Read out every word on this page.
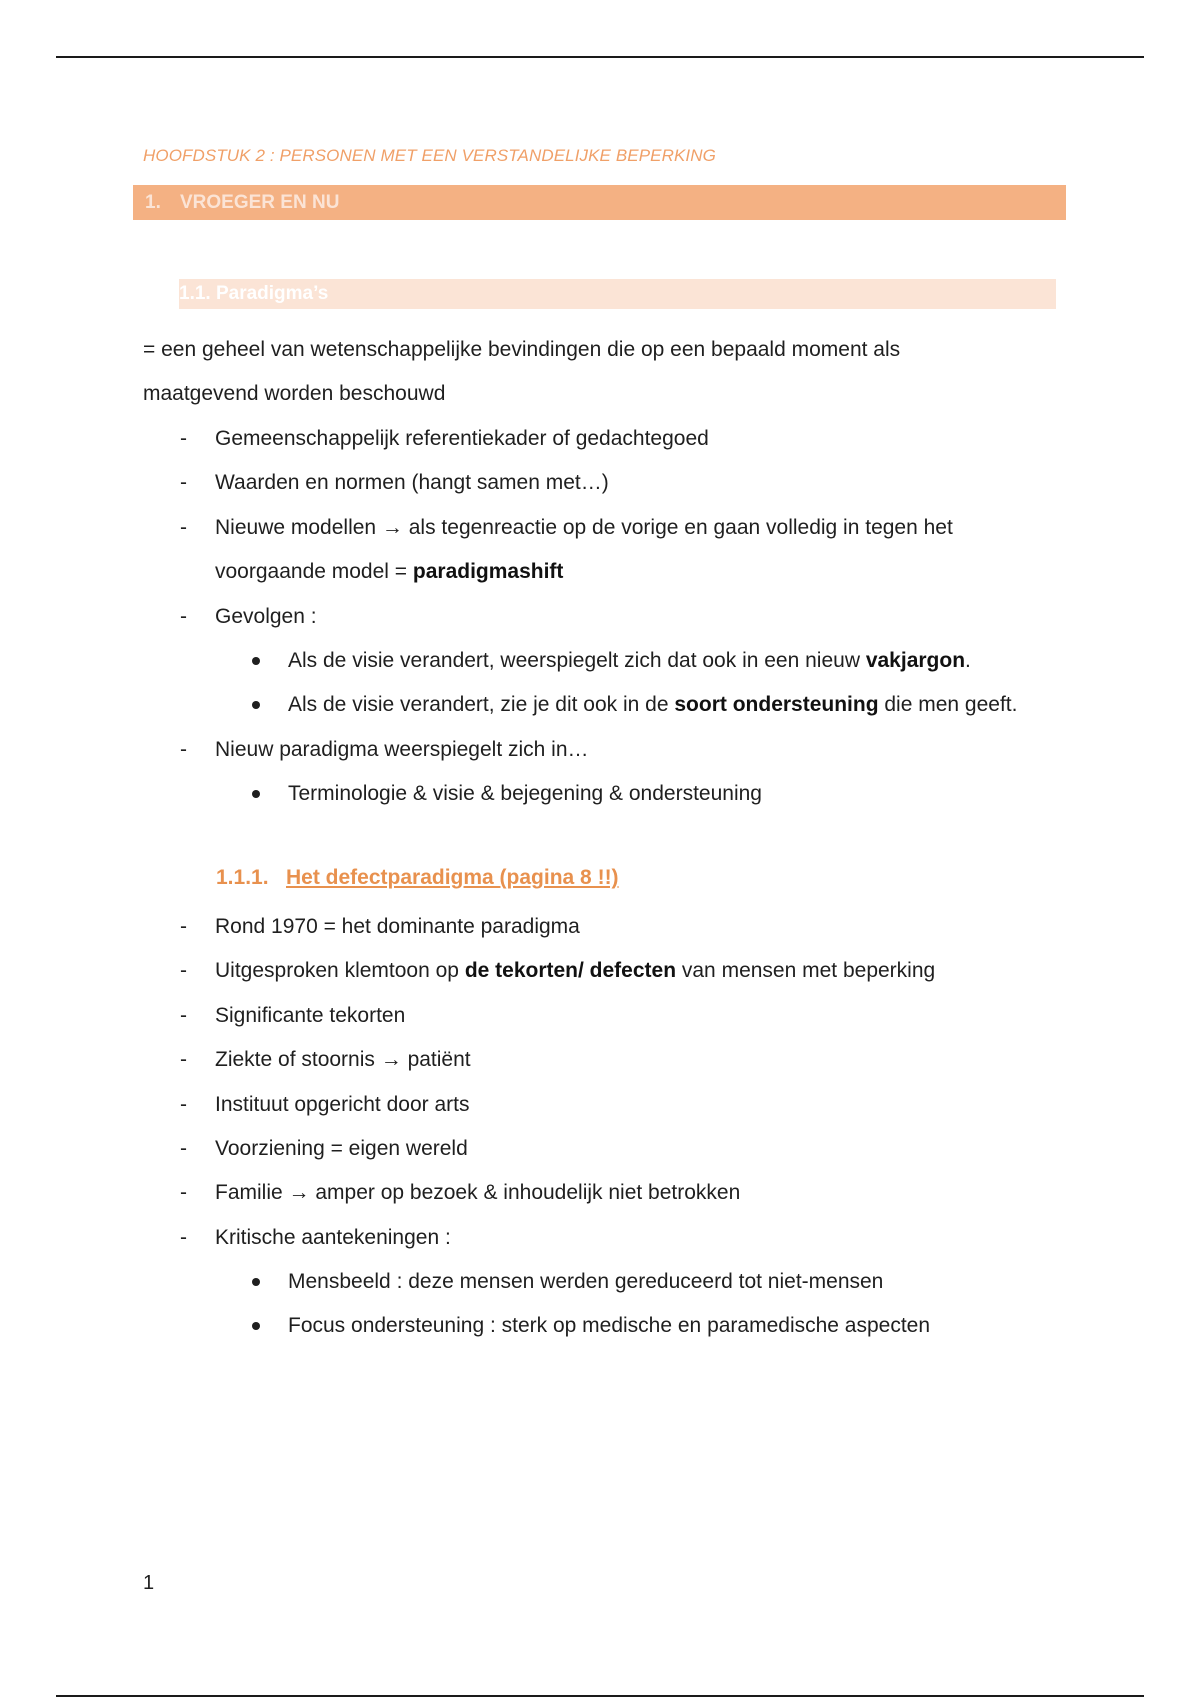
HOOFDSTUK 2 : PERSONEN MET EEN VERSTANDELIJKE BEPERKING
1. VROEGER EN NU
1.1. Paradigma’s
= een geheel van wetenschappelijke bevindingen die op een bepaald moment als
maatgevend worden beschouwd
- Gemeenschappelijk referentiekader of gedachtegoed
- Waarden en normen (hangt samen met…)
- Nieuwe modellen → als tegenreactie op de vorige en gaan volledig in tegen het
voorgaande model = paradigmashift
- Gevolgen :
Als de visie verandert, weerspiegelt zich dat ook in een nieuw vakjargon.
Als de visie verandert, zie je dit ook in de soort ondersteuning die men geeft.
- Nieuw paradigma weerspiegelt zich in…
Terminologie & visie & bejegening & ondersteuning
1.1.1. Het defectparadigma (pagina 8 !!)
- Rond 1970 = het dominante paradigma
- Uitgesproken klemtoon op de tekorten/ defecten van mensen met beperking
- Significante tekorten
- Ziekte of stoornis → patiënt
- Instituut opgericht door arts
- Voorziening = eigen wereld
- Familie → amper op bezoek & inhoudelijk niet betrokken
- Kritische aantekeningen :
Mensbeeld : deze mensen werden gereduceerd tot niet-mensen
Focus ondersteuning : sterk op medische en paramedische aspecten
1
